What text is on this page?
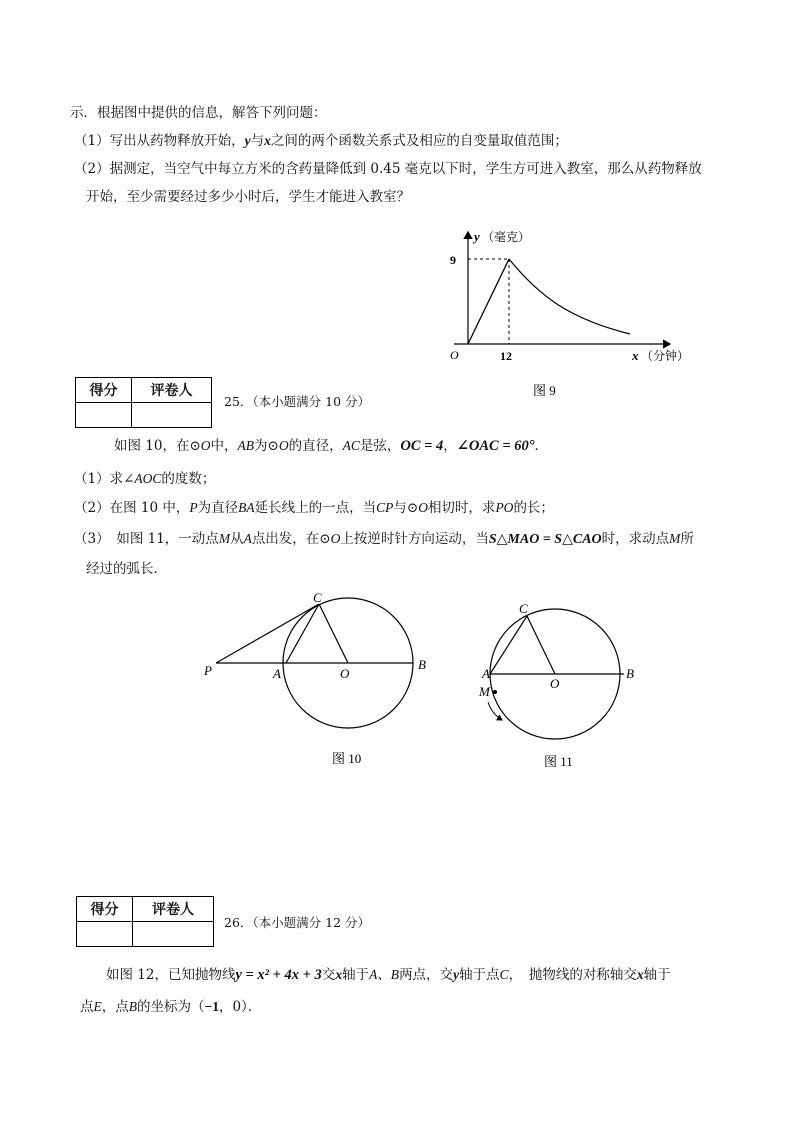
示．根据图中提供的信息，解答下列问题：
（1）写出从药物释放开始，y与x之间的两个函数关系式及相应的自变量取值范围；
（2）据测定，当空气中每立方米的含药量降低到 0.45 毫克以下时，学生方可进入教室，那么从药物释放
开始，至少需要经过多少小时后，学生才能进入教室？
y （毫克）
9
O	12	x （分钟）
图 9
得分	评卷人

25．（本小题满分 10 分）
如图 10，在⊙O中，AB为⊙O的直径，AC是弦，OC = 4，∠OAC = 60°．
（1）求∠AOC的度数；
（2）在图 10 中，P为直径BA延长线上的一点，当CP与⊙O相切时，求PO的长；
（3）　如图 11，一动点M从A点出发，在⊙O上按逆时针方向运动，当S△MAO = S△CAO时，求动点M所
经过的弧长．
P	A	O
B
C
图 10
A
O
B
C
M
图 11
得分	评卷人

26．（本小题满分 12 分）
如图 12，已知抛物线y = x² + 4x + 3交x轴于A、B两点，交y轴于点C，　抛物线的对称轴交x轴于
点E，点B的坐标为（−1，0）．
